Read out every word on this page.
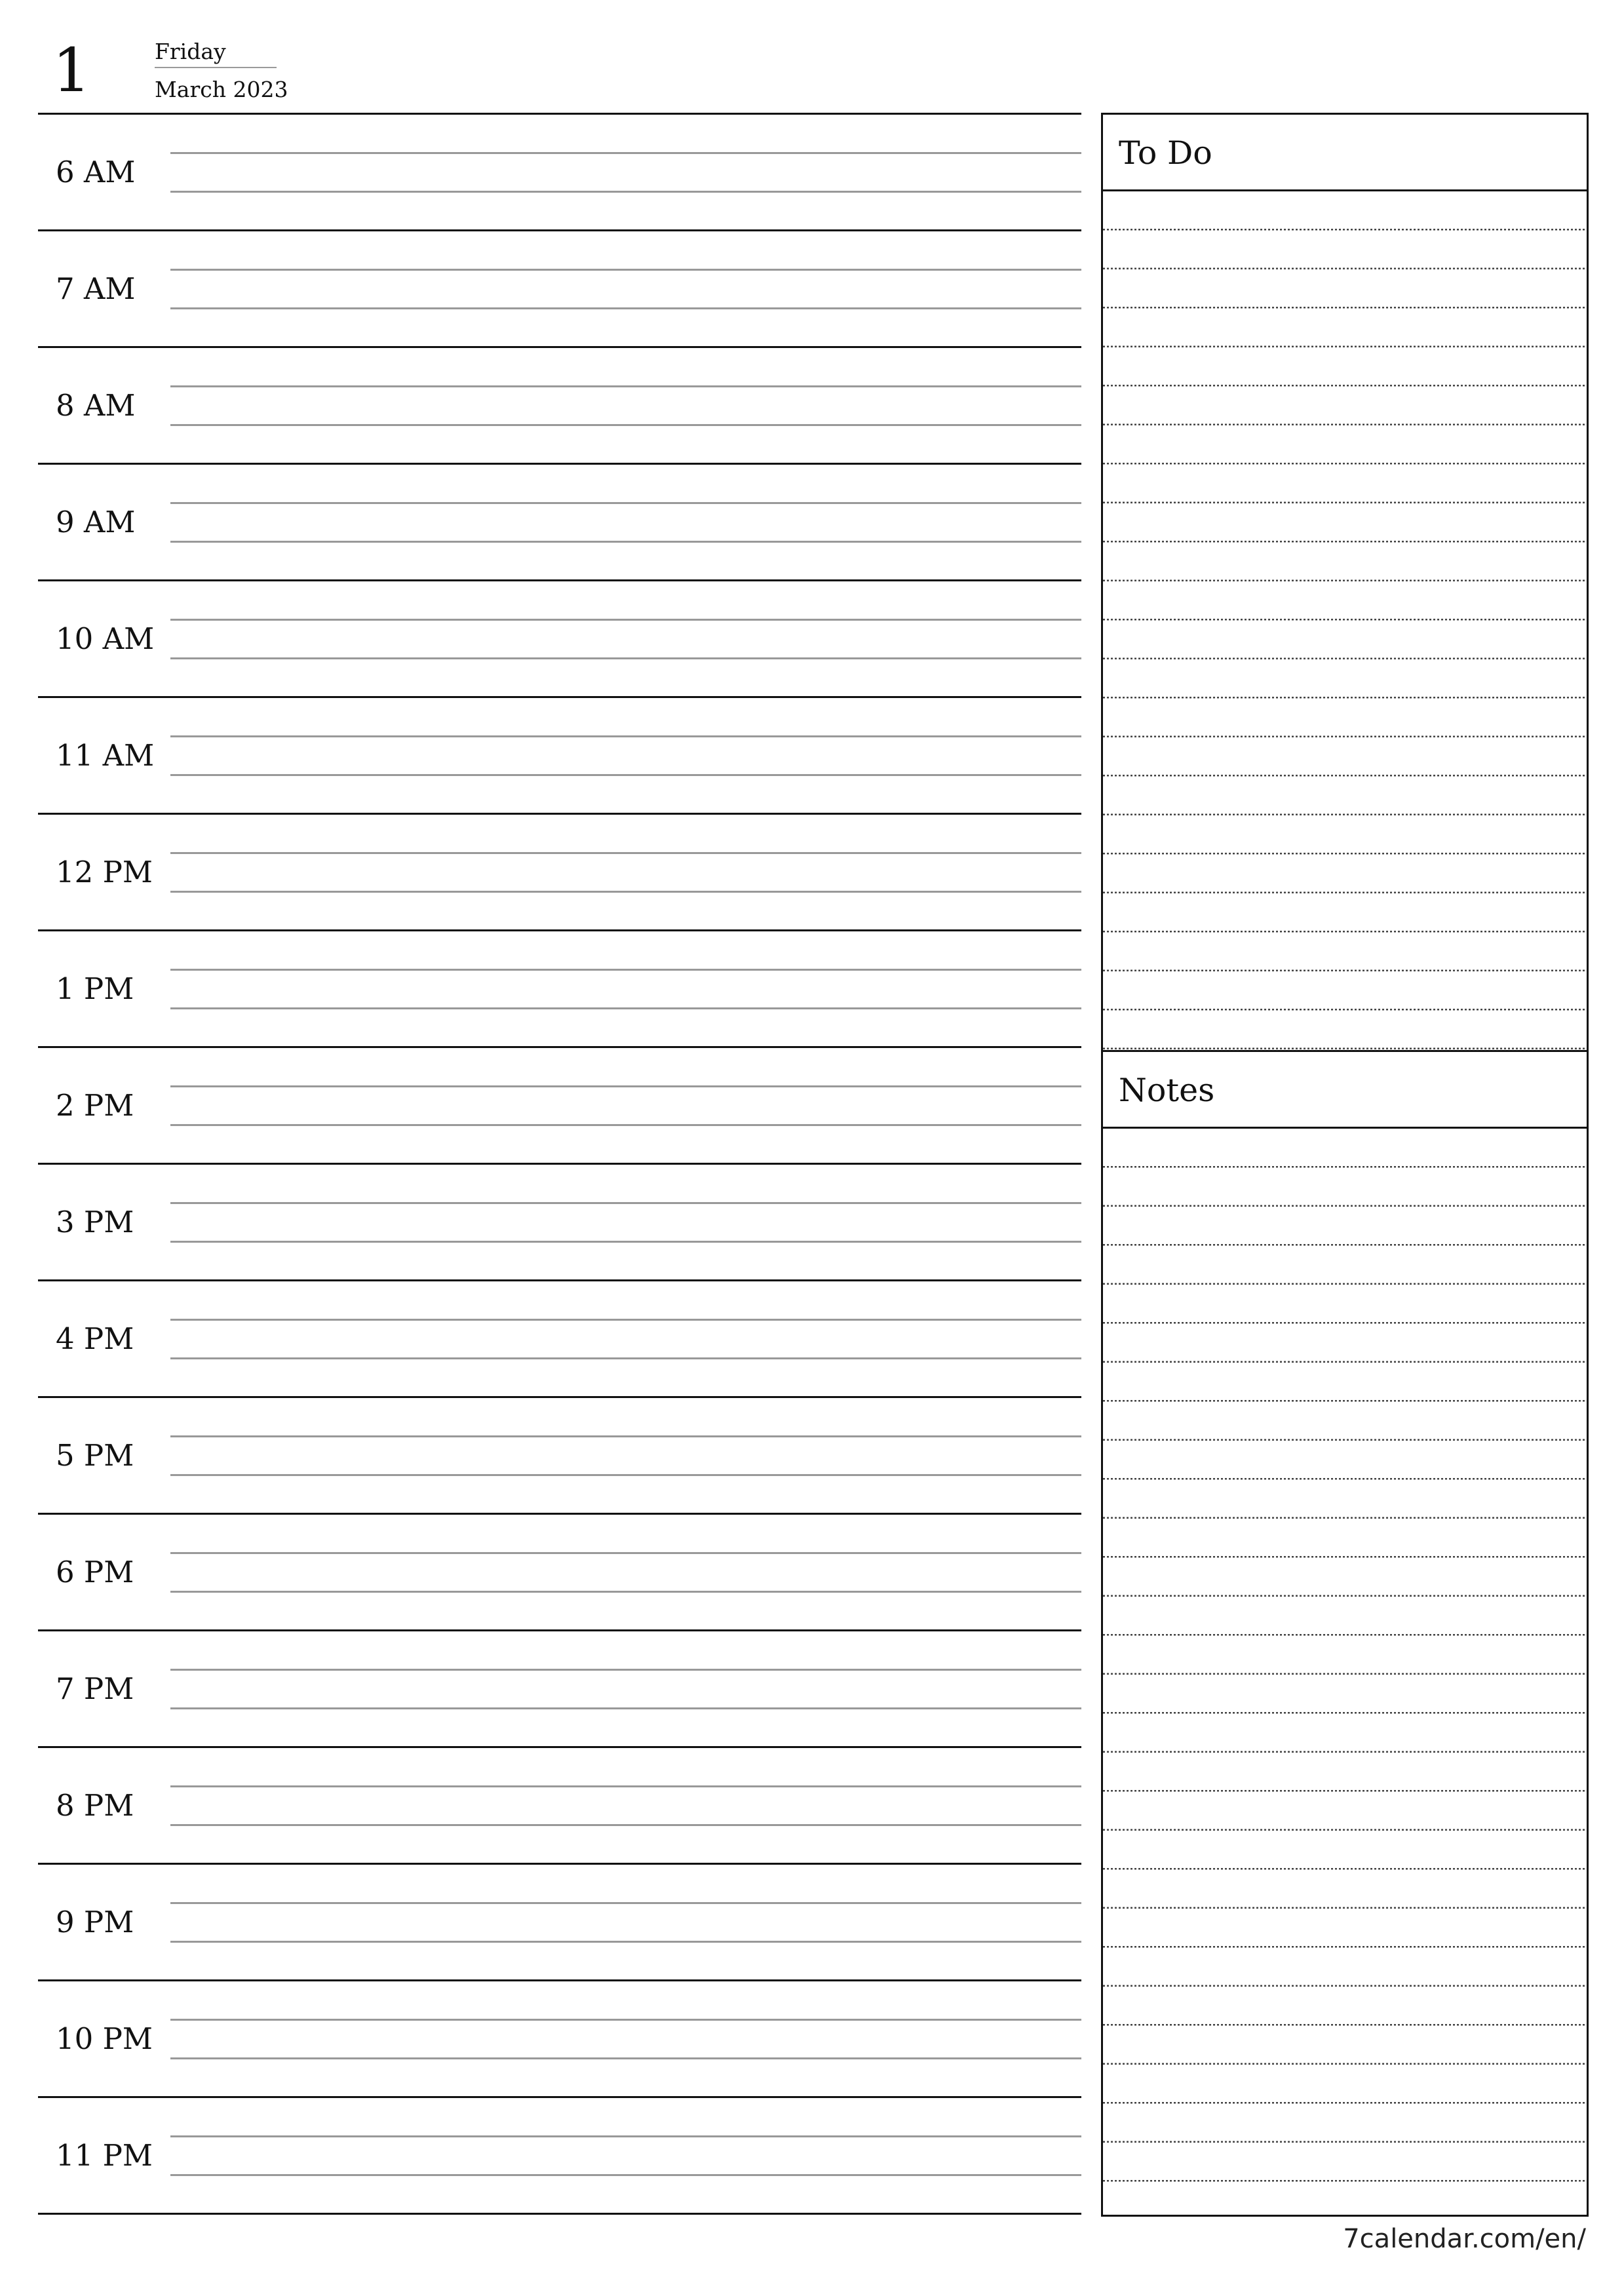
1	Friday
March 2023
6 AM
7 AM
8 AM
9 AM
10 AM
11 AM
12 PM
1 PM
2 PM
3 PM
4 PM
5 PM
6 PM
7 PM
8 PM
9 PM
10 PM
11 PM
To Do
Notes
7calendar.com/en/
